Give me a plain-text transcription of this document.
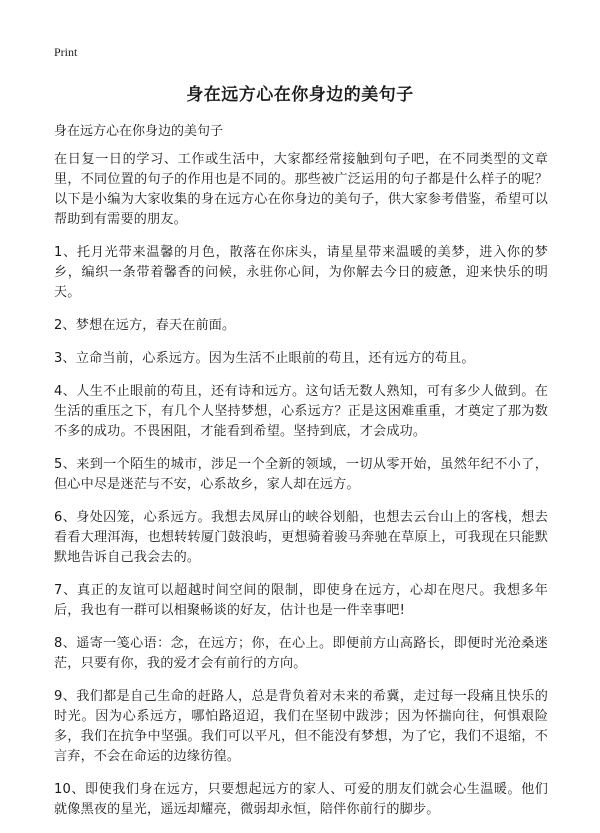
Print
身在远方心在你身边的美句子

身在远方心在你身边的美句子

在日复一日的学习、工作或生活中，大家都经常接触到句子吧，在不同类型的文章里，不同位置的句子的作用也是不同的。那些被广泛运用的句子都是什么样子的呢？以下是小编为大家收集的身在远方心在你身边的美句子，供大家参考借鉴，希望可以帮助到有需要的朋友。

1、托月光带来温馨的月色，散落在你床头，请星星带来温暖的美梦，进入你的梦乡，编织一条带着馨香的问候，永驻你心间，为你解去今日的疲惫，迎来快乐的明天。

2、梦想在远方，春天在前面。

3、立命当前，心系远方。因为生活不止眼前的苟且，还有远方的苟且。

4、人生不止眼前的苟且，还有诗和远方。这句话无数人熟知，可有多少人做到。在生活的重压之下，有几个人坚持梦想，心系远方？正是这困难重重，才奠定了那为数不多的成功。不畏困阻，才能看到希望。坚持到底，才会成功。

5、来到一个陌生的城市，涉足一个全新的领域，一切从零开始，虽然年纪不小了，但心中尽是迷茫与不安，心系故乡，家人却在远方。

6、身处囚笼，心系远方。我想去凤屏山的峡谷划船，也想去云台山上的客栈，想去看看大理洱海，也想转转厦门鼓浪屿，更想骑着骏马奔驰在草原上，可我现在只能默默地告诉自己我会去的。

7、真正的友谊可以超越时间空间的限制，即使身在远方，心却在咫尺。我想多年后，我也有一群可以相聚畅谈的好友，估计也是一件幸事吧!

8、遥寄一笺心语：念，在远方；你，在心上。即便前方山高路长，即便时光沧桑迷茫，只要有你，我的爱才会有前行的方向。

9、我们都是自己生命的赶路人，总是背负着对未来的希冀，走过每一段痛且快乐的时光。因为心系远方，哪怕路迢迢，我们在坚韧中跋涉；因为怀揣向往，何惧艰险多，我们在抗争中坚强。我们可以平凡，但不能没有梦想，为了它，我们不退缩，不言弃，不会在命运的边缘彷徨。

10、即使我们身在远方，只要想起远方的家人、可爱的朋友们就会心生温暖。他们就像黑夜的星光，遥远却耀亮，微弱却永恒，陪伴你前行的脚步。
